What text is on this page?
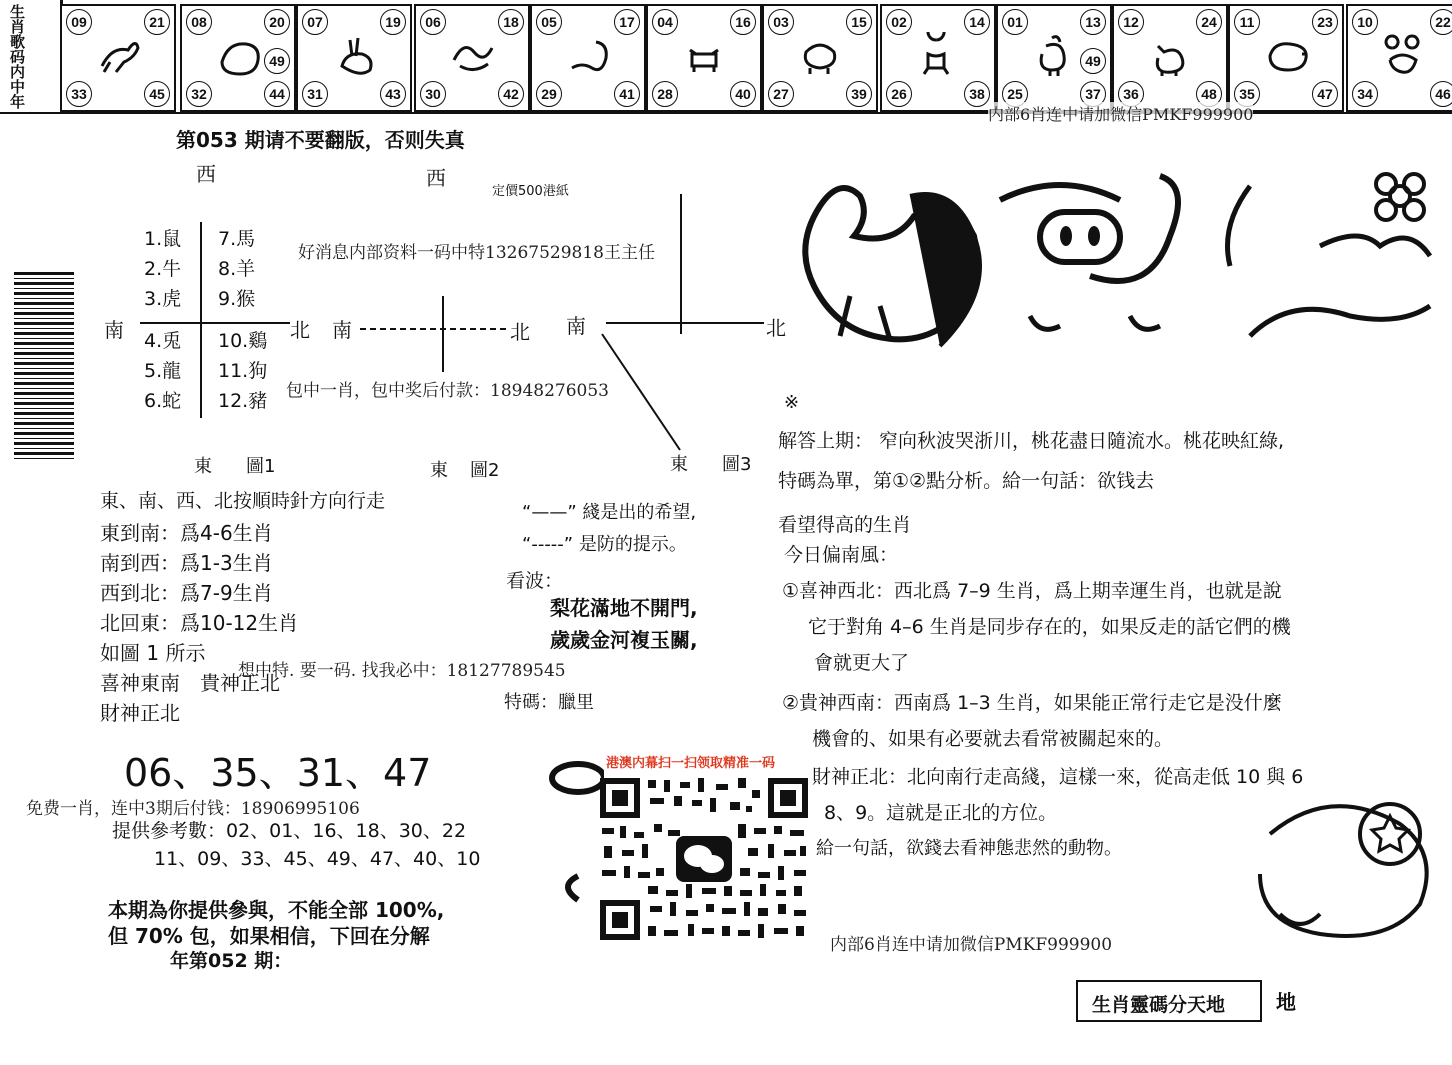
生肖歌码内中年	09	21
33	45
08	20
49
32	44
07	19
31	43
06	18
30	42
05	17
29	41
04	16
28	40
03	15
27	39
02	14
26	38
01	13
49
25	37
12	24
36	48
11	23
35	47
10	22
34	46
内部6肖连中请加微信PMKF999900
第053 期请不要翻版，否则失真
西	西
定價500港紙
南	北
1.鼠
2.牛
3.虎
4.兎
5.龍
6.蛇
7.馬
8.羊
9.猴
10.鷄
11.狗
12.豬
東 圖1
南	北
東 圖2
南	北
東 圖3
好消息内部资料一码中特13267529818王主任
包中一肖，包中奖后付款：18948276053
想中特. 要一码. 找我必中：18127789545
免费一肖，连中3期后付钱：18906995106
内部6肖连中请加微信PMKF999900
東、南、西、北按順時針方向行走
東到南：爲4-6生肖
南到西：爲1-3生肖
西到北：爲7-9生肖
北回東：爲10-12生肖
如圖 1 所示
喜神東南　貴神正北
財神正北
06、35、31、47
提供參考數：02、01、16、18、30、22
11、09、33、45、49、47、40、10
本期為你提供參與，不能全部 100%,
但 70% 包，如果相信，下回在分解
年第052 期：
“——” 綫是出的希望,
“-----” 是防的提示。
看波：
梨花滿地不開門,
歲歲金河複玉關,
特碼：臘里
港澳内幕扫一扫领取精准一码
※
解答上期： 窄向秋波哭浙川，桃花盡日隨流水。桃花映紅綠,
特碼為單，第①②點分析。給一句話：欲钱去
看望得高的生肖
今日偏南風：
①喜神西北：西北爲 7–9 生肖，爲上期幸運生肖，也就是說
它于對角 4–6 生肖是同步存在的，如果反走的話它們的機
會就更大了
②貴神西南：西南爲 1–3 生肖，如果能正常行走它是没什麼
機會的、如果有必要就去看常被關起來的。
財神正北：北向南行走高綫，這樣一來，從高走低 10 與 6
8、9。這就是正北的方位。
給一句話，欲錢去看神態悲然的動物。
生肖靈碼分天地	地
